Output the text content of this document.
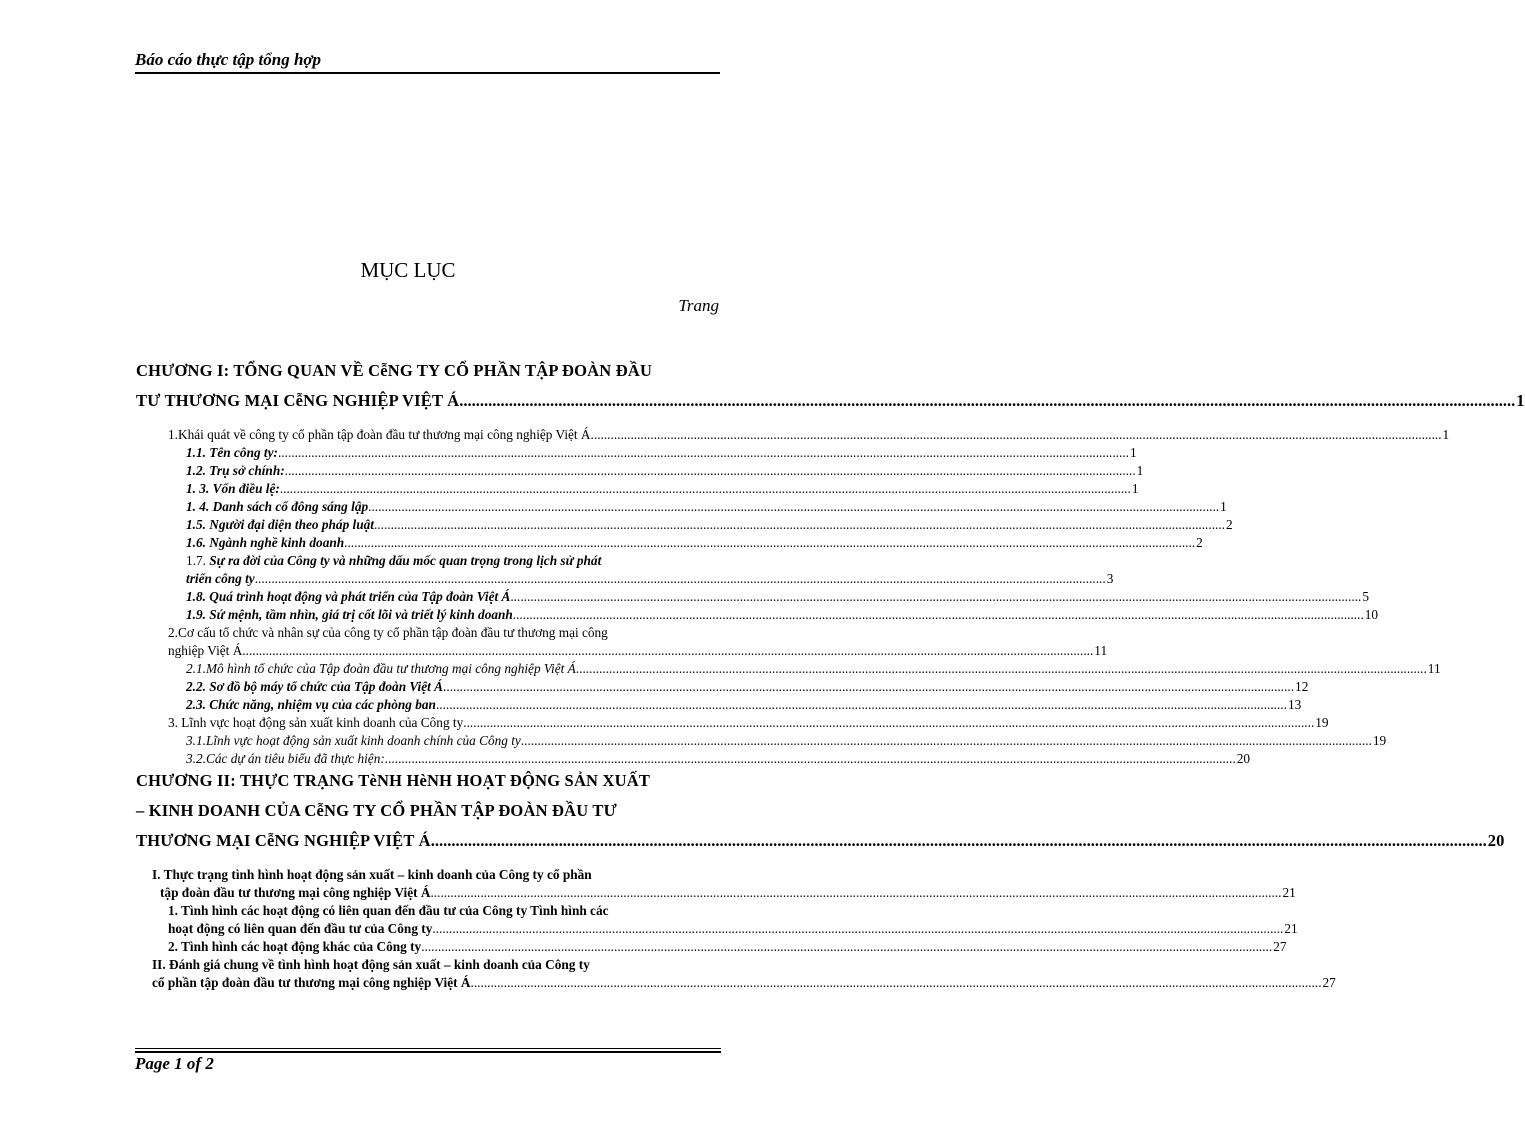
Báo cáo thực tập tổng hợp
MỤC LỤC
Trang
CHƯƠNG I: TỔNG QUAN VỀ CễNG TY CỔ PHẦN TẬP ĐOÀN ĐẦU
TƯ THƯƠNG MẠI CễNG NGHIỆP VIỆT Á .....	1
1.Khái quát về công ty cổ phần tập đoàn đầu tư thương mại công nghiệp Việt Á .....	1
1.1. Tên công ty: .....	1
1.2. Trụ sở chính: .....	1
1. 3. Vốn điều lệ: .....	1
1. 4. Danh sách cổ đông sáng lập .....	1
1.5. Người đại diện theo pháp luật .....	2
1.6. Ngành nghề kinh doanh .....	2
1.7. Sự ra đời của Công ty và những dấu mốc quan trọng trong lịch sử phát
triển công ty .....	3
1.8. Quá trình hoạt động và phát triển của Tập đoàn Việt Á .....	5
1.9. Sứ mệnh, tầm nhìn, giá trị cốt lõi và triết lý kinh doanh .....	10
2.Cơ cấu tổ chức và nhân sự của công ty cổ phần tập đoàn đầu tư thương mại công
nghiệp Việt Á .....	11
2.1.Mô hình tổ chức của Tập đoàn đầu tư thương mại công nghiệp Việt Á .....	11
2.2. Sơ đồ bộ máy tổ chức của Tập đoàn Việt Á .....	12
2.3. Chức năng, nhiệm vụ của các phòng ban .....	13
3. Lĩnh vực hoạt động sản xuất kinh doanh của Công ty .....	19
3.1.Lĩnh vực hoạt động sản xuất kinh doanh chính của Công ty .....	19
3.2.Các dự án tiêu biểu đã thực hiện: .....	20
CHƯƠNG II: THỰC TRẠNG TèNH HèNH HOẠT ĐỘNG SẢN XUẤT
– KINH DOANH CỦA CễNG TY CỔ PHẦN TẬP ĐOÀN ĐẦU TƯ
THƯƠNG MẠI CễNG NGHIỆP VIỆT Á .....	20
I. Thực trạng tình hình hoạt động sản xuất – kinh doanh của Công ty cổ phần
tập đoàn đầu tư thương mại công nghiệp Việt Á .....	21
1. Tình hình các hoạt động có liên quan đến đầu tư của Công ty Tình hình các
hoạt động có liên quan đến đầu tư của Công ty .....	21
2. Tình hình các hoạt động khác của Công ty .....	27
II. Đánh giá chung về tình hình hoạt động sản xuất – kinh doanh của Công ty
cổ phần tập đoàn đầu tư thương mại công nghiệp Việt Á .....	27
Page 1 of 2
